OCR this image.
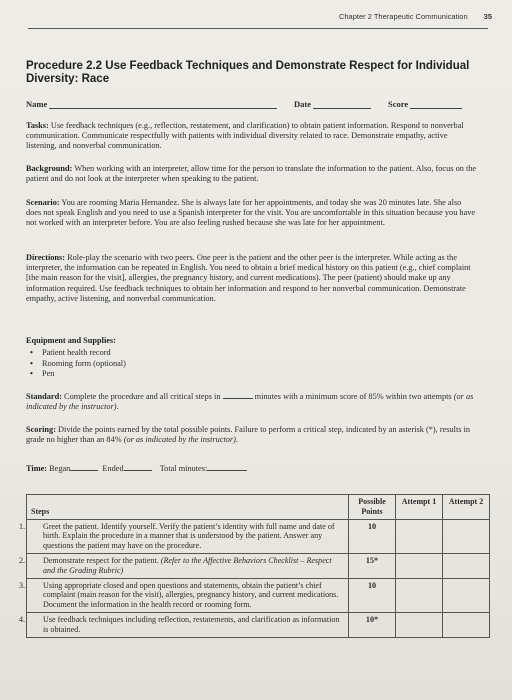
Chapter 2 Therapeutic Communication 35
Procedure 2.2 Use Feedback Techniques and Demonstrate Respect for Individual Diversity: Race
Name	Date	Score
Tasks: Use feedback techniques (e.g., reflection, restatement, and clarification) to obtain patient information. Respond to nonverbal communication. Communicate respectfully with patients with individual diversity related to race. Demonstrate empathy, active listening, and nonverbal communication.
Background: When working with an interpreter, allow time for the person to translate the information to the patient. Also, focus on the patient and do not look at the interpreter when speaking to the patient.
Scenario: You are rooming Maria Hernandez. She is always late for her appointments, and today she was 20 minutes late. She also does not speak English and you need to use a Spanish interpreter for the visit. You are uncomfortable in this situation because you have not worked with an interpreter before. You are also feeling rushed because she was late for her appointment.
Directions: Role-play the scenario with two peers. One peer is the patient and the other peer is the interpreter. While acting as the interpreter, the information can be repeated in English. You need to obtain a brief medical history on this patient (e.g., chief complaint [the main reason for the visit], allergies, the pregnancy history, and current medications). The peer (patient) should make up any information required. Use feedback techniques to obtain her information and respond to her nonverbal communication. Demonstrate empathy, active listening, and nonverbal communication.
Equipment and Supplies:
• Patient health record
• Rooming form (optional)
• Pen
Standard: Complete the procedure and all critical steps in	minutes with a minimum score of 85% within two attempts (or as indicated by the instructor).
Scoring: Divide the points earned by the total possible points. Failure to perform a critical step, indicated by an asterisk (*), results in grade no higher than an 84% (or as indicated by the instructor).
Time: Began	Ended	Total minutes:
Steps	Possible Points	Attempt 1	Attempt 2

1. Greet the patient. Identify yourself. Verify the patient’s identity with full name and date of birth. Explain the procedure in a manner that is understood by the patient. Answer any questions the patient may have on the procedure.	10		

2. Demonstrate respect for the patient. (Refer to the Affective Behaviors Checklist – Respect and the Grading Rubric)	15*		

3. Using appropriate closed and open questions and statements, obtain the patient’s chief complaint (main reason for the visit), allergies, pregnancy history, and current medications. Document the information in the health record or rooming form.	10		

4. Use feedback techniques including reflection, restatements, and clarification as information is obtained.	10*		
